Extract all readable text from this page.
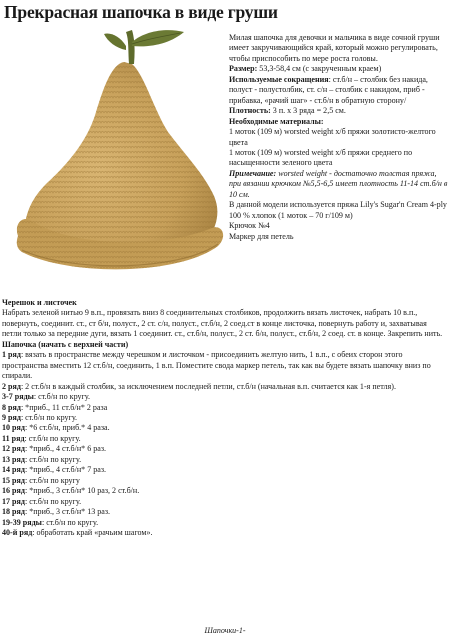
Прекрасная шапочка в виде груши

Милая шапочка для девочки и мальчика в виде сочной груши имеет закручивающийся край, который можно регулировать, чтобы приспособить по мере роста головы.

Размер: 53,3-58,4 см (с закрученным краем)

Используемые сокращения: ст.б/н – столбик без накида, полуст - полустолбик, ст. с/н – столбик с накидом, приб - прибавка, «рачий шаг» - ст.б/н в обратную сторону/

Плотность: 3 п. х 3 ряда = 2,5 см.

Необходимые материалы:

1 моток (109 м) worsted weight х/б пряжи золотисто-желтого цвета

1 моток (109 м) worsted weight х/б пряжи среднего по насыщенности зеленого цвета

Примечание: worsted weight - достаточно толстая пряжа, при вязании крючком №5,5-6,5 имеет плотность 11-14 ст.б/н в 10 см.

В данной модели используется пряжа Lily's Sugar'n Cream 4-ply 100 % хлопок (1 моток – 70 г/109 м)

Крючок №4

Маркер для петель

Черешок и листочек

Набрать зеленой нитью 9 в.п., провязать вниз 8 соединительных столбиков, продолжить вязать листочек, набрать 10 в.п., повернуть, соединит. ст., ст б/н, полуст., 2 ст. с/н, полуст., ст.б/н, 2 соед.ст в конце листочка, повернуть работу и, захватывая петли только за передние дуги, вязать 1 соединит. ст., ст.б/н, полуст., 2 ст. б/н, полуст., ст.б/н, 2 соед. ст. в конце. Закрепить нить.

Шапочка (начать с верхней части)

1 ряд: вязать в пространстве между черешком и листочком - присоединить желтую нить, 1 в.п., с обеих сторон этого пространства вместить 12 ст.б/н, соединить, 1 в.п. Поместите свода маркер петель, так как вы будете вязать шапочку вниз по спирали.

2 ряд: 2 ст.б/н в каждый столбик, за исключением последней петли, ст.б/н (начальная в.п. считается как 1-я петля).

3-7 ряды: ст.б/н по кругу.

8 ряд: *приб., 11 ст.б/н* 2 раза

9 ряд: ст.б/н по кругу.

10 ряд: *6 ст.б/н, приб.* 4 раза.

11 ряд: ст.б/н по кругу.

12 ряд: *приб., 4 ст.б/н* 6 раз.

13 ряд: ст.б/н по кругу.

14 ряд: *приб., 4 ст.б/н* 7 раз.

15 ряд: ст.б/н по кругу

16 ряд: *приб., 3 ст.б/н* 10 раз, 2 ст.б/н.

17 ряд: ст.б/н по кругу.

18 ряд: *приб., 3 ст.б/н* 13 раз.

19-39 ряды: ст.б/н по кругу.

40-й ряд: обработать край «рачьим шагом».

Шапочки-1-
